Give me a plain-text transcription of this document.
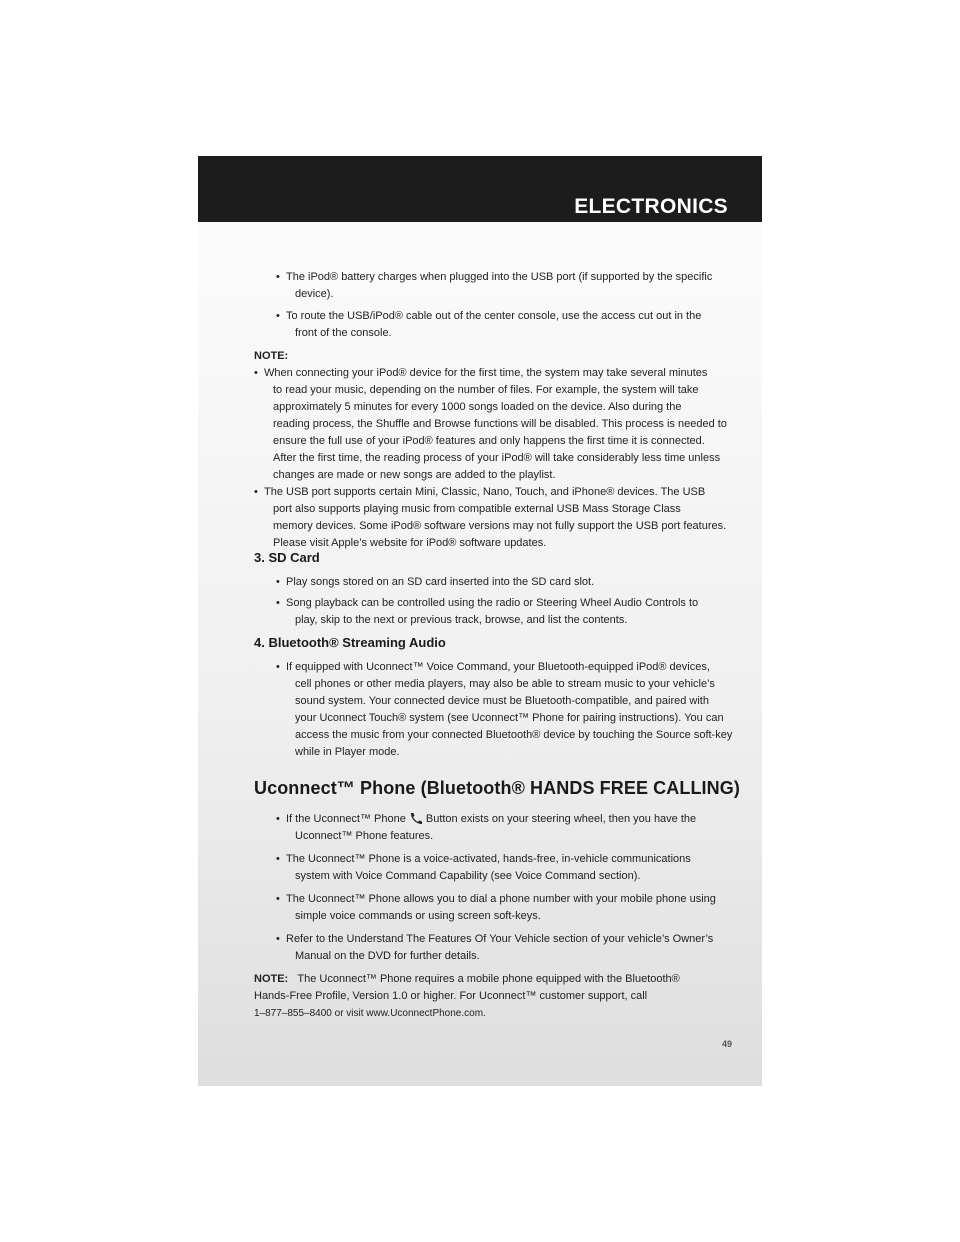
ELECTRONICS
• The iPod® battery charges when plugged into the USB port (if supported by the specific
device).
• To route the USB/iPod® cable out of the center console, use the access cut out in the
front of the console.
NOTE:
• When connecting your iPod® device for the first time, the system may take several minutes
to read your music, depending on the number of files. For example, the system will take
approximately 5 minutes for every 1000 songs loaded on the device. Also during the
reading process, the Shuffle and Browse functions will be disabled. This process is needed to
ensure the full use of your iPod® features and only happens the first time it is connected.
After the first time, the reading process of your iPod® will take considerably less time unless
changes are made or new songs are added to the playlist.
• The USB port supports certain Mini, Classic, Nano, Touch, and iPhone® devices. The USB
port also supports playing music from compatible external USB Mass Storage Class
memory devices. Some iPod® software versions may not fully support the USB port features.
Please visit Apple’s website for iPod® software updates.
3. SD Card
• Play songs stored on an SD card inserted into the SD card slot.
• Song playback can be controlled using the radio or Steering Wheel Audio Controls to
play, skip to the next or previous track, browse, and list the contents.
4. Bluetooth® Streaming Audio
• If equipped with Uconnect™ Voice Command, your Bluetooth-equipped iPod® devices,
cell phones or other media players, may also be able to stream music to your vehicle’s
sound system. Your connected device must be Bluetooth-compatible, and paired with
your Uconnect Touch® system (see Uconnect™ Phone for pairing instructions). You can
access the music from your connected Bluetooth® device by touching the Source soft-key
while in Player mode.
Uconnect™ Phone (Bluetooth® HANDS FREE CALLING)
• If the Uconnect™ Phone Button exists on your steering wheel, then you have the
Uconnect™ Phone features.
• The Uconnect™ Phone is a voice-activated, hands-free, in-vehicle communications
system with Voice Command Capability (see Voice Command section).
• The Uconnect™ Phone allows you to dial a phone number with your mobile phone using
simple voice commands or using screen soft-keys.
• Refer to the Understand The Features Of Your Vehicle section of your vehicle’s Owner’s
Manual on the DVD for further details.
NOTE: The Uconnect™ Phone requires a mobile phone equipped with the Bluetooth®
Hands-Free Profile, Version 1.0 or higher. For Uconnect™ customer support, call
1–877–855–8400 or visit www.UconnectPhone.com.
49
